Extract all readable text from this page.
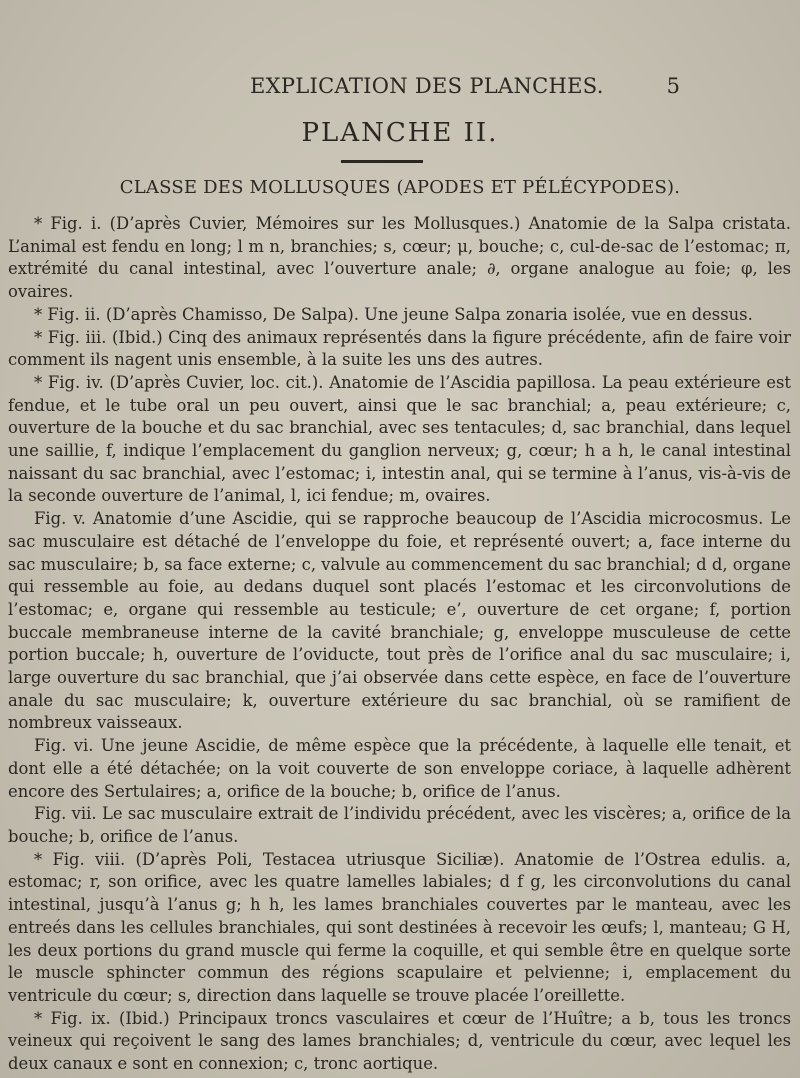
EXPLICATION DES PLANCHES.	5
PLANCHE II.
CLASSE DES MOLLUSQUES (APODES ET PÉLÉCYPODES).

* Fig. i. (D’après Cuvier, Mémoires sur les Mollusques.) Anatomie de la Salpa cristata. L’animal est fendu en long; l m n, branchies; s, cœur; μ, bouche; c, cul-de-sac de l’estomac; π, extrémité du canal intestinal, avec l’ouverture anale; ∂, organe analogue au foie; φ, les ovaires.

* Fig. ii. (D’après Chamisso, De Salpa). Une jeune Salpa zonaria isolée, vue en dessus.

* Fig. iii. (Ibid.) Cinq des animaux représentés dans la figure précédente, afin de faire voir comment ils nagent unis ensemble, à la suite les uns des autres.

* Fig. iv. (D’après Cuvier, loc. cit.). Anatomie de l’Ascidia papillosa. La peau extérieure est fendue, et le tube oral un peu ouvert, ainsi que le sac branchial; a, peau extérieure; c, ouverture de la bouche et du sac branchial, avec ses tentacules; d, sac branchial, dans lequel une saillie, f, indique l’emplacement du ganglion nerveux; g, cœur; h a h, le canal intestinal naissant du sac branchial, avec l’estomac; i, intestin anal, qui se termine à l’anus, vis-à-vis de la seconde ouverture de l’animal, l, ici fendue; m, ovaires.

Fig. v. Anatomie d’une Ascidie, qui se rapproche beaucoup de l’Ascidia microcosmus. Le sac musculaire est détaché de l’enveloppe du foie, et représenté ouvert; a, face interne du sac musculaire; b, sa face externe; c, valvule au commencement du sac branchial; d d, organe qui ressemble au foie, au dedans duquel sont placés l’estomac et les circonvolutions de l’estomac; e, organe qui ressemble au testicule; e’, ouverture de cet organe; f, portion buccale membraneuse interne de la cavité branchiale; g, enveloppe musculeuse de cette portion buccale; h, ouverture de l’oviducte, tout près de l’orifice anal du sac musculaire; i, large ouverture du sac branchial, que j’ai observée dans cette espèce, en face de l’ouverture anale du sac musculaire; k, ouverture extérieure du sac branchial, où se ramifient de nombreux vaisseaux.

Fig. vi. Une jeune Ascidie, de même espèce que la précédente, à laquelle elle tenait, et dont elle a été détachée; on la voit couverte de son enveloppe coriace, à laquelle adhèrent encore des Sertulaires; a, orifice de la bouche; b, orifice de l’anus.

Fig. vii. Le sac musculaire extrait de l’individu précédent, avec les viscères; a, orifice de la bouche; b, orifice de l’anus.

* Fig. viii. (D’après Poli, Testacea utriusque Siciliæ). Anatomie de l’Ostrea edulis. a, estomac; r, son orifice, avec les quatre lamelles labiales; d f g, les circonvolutions du canal intestinal, jusqu’à l’anus g; h h, les lames branchiales couvertes par le manteau, avec les entreés dans les cellules branchiales, qui sont destinées à recevoir les œufs; l, manteau; G H, les deux portions du grand muscle qui ferme la coquille, et qui semble être en quelque sorte le muscle sphincter commun des régions scapulaire et pelvienne; i, emplacement du ventricule du cœur; s, direction dans laquelle se trouve placée l’oreillette.

* Fig. ix. (Ibid.) Principaux troncs vasculaires et cœur de l’Huître; a b, tous les troncs veineux qui reçoivent le sang des lames branchiales; d, ventricule du cœur, avec lequel les deux canaux e sont en connexion; c, tronc aortique.
